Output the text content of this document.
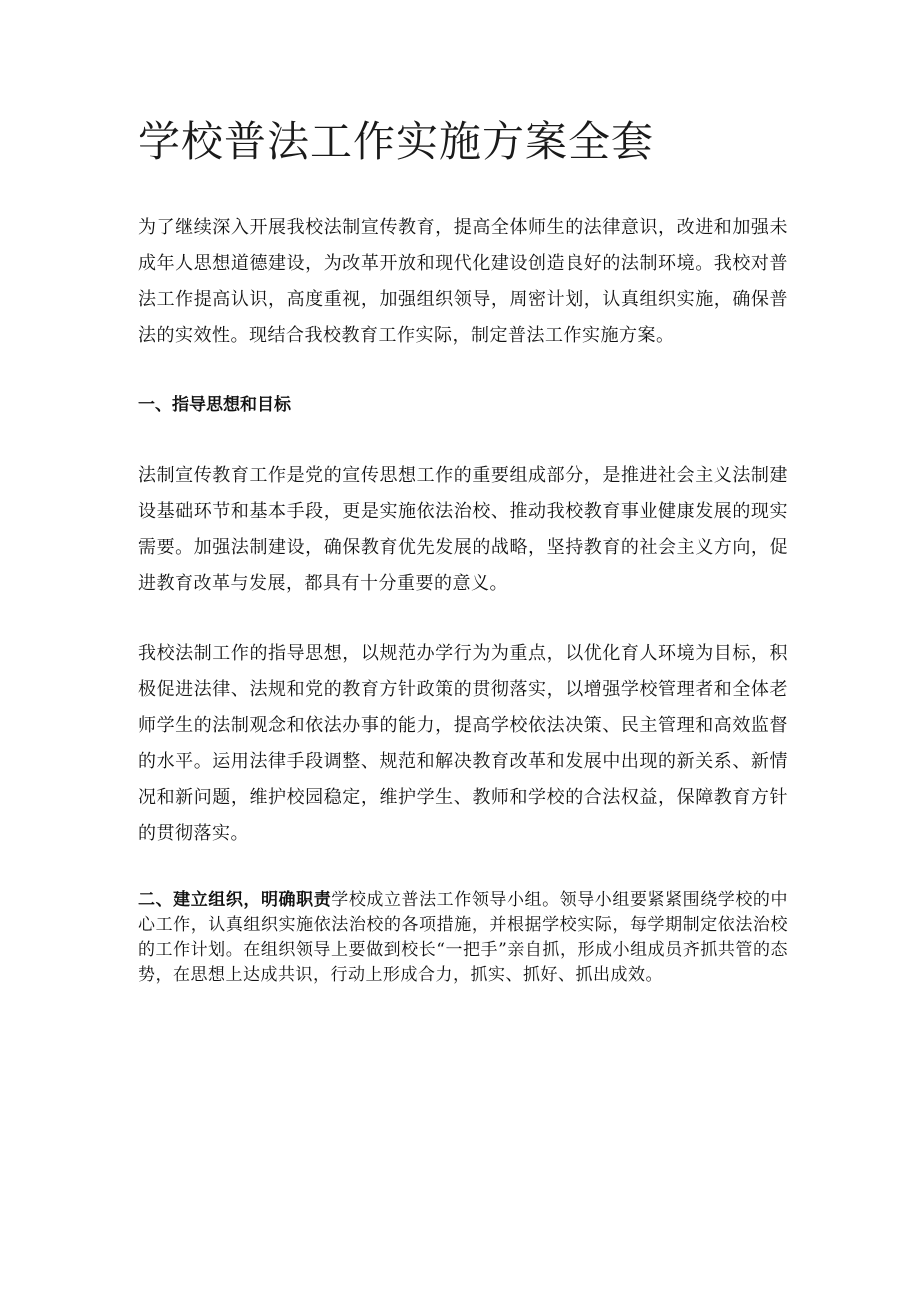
学校普法工作实施方案全套

为了继续深入开展我校法制宣传教育，提高全体师生的法律意识，改进和加强未成年人思想道德建设，为改革开放和现代化建设创造良好的法制环境。我校对普法工作提高认识，高度重视，加强组织领导，周密计划，认真组织实施，确保普法的实效性。现结合我校教育工作实际，制定普法工作实施方案。

一、指导思想和目标

法制宣传教育工作是党的宣传思想工作的重要组成部分，是推进社会主义法制建设基础环节和基本手段，更是实施依法治校、推动我校教育事业健康发展的现实需要。加强法制建设，确保教育优先发展的战略，坚持教育的社会主义方向，促进教育改革与发展，都具有十分重要的意义。

我校法制工作的指导思想，以规范办学行为为重点，以优化育人环境为目标，积极促进法律、法规和党的教育方针政策的贯彻落实，以增强学校管理者和全体老师学生的法制观念和依法办事的能力，提高学校依法决策、民主管理和高效监督的水平。运用法律手段调整、规范和解决教育改革和发展中出现的新关系、新情况和新问题，维护校园稳定，维护学生、教师和学校的合法权益，保障教育方针的贯彻落实。

二、建立组织，明确职责学校成立普法工作领导小组。领导小组要紧紧围绕学校的中心工作，认真组织实施依法治校的各项措施，并根据学校实际，每学期制定依法治校的工作计划。在组织领导上要做到校长“一把手”亲自抓，形成小组成员齐抓共管的态势，在思想上达成共识，行动上形成合力，抓实、抓好、抓出成效。
